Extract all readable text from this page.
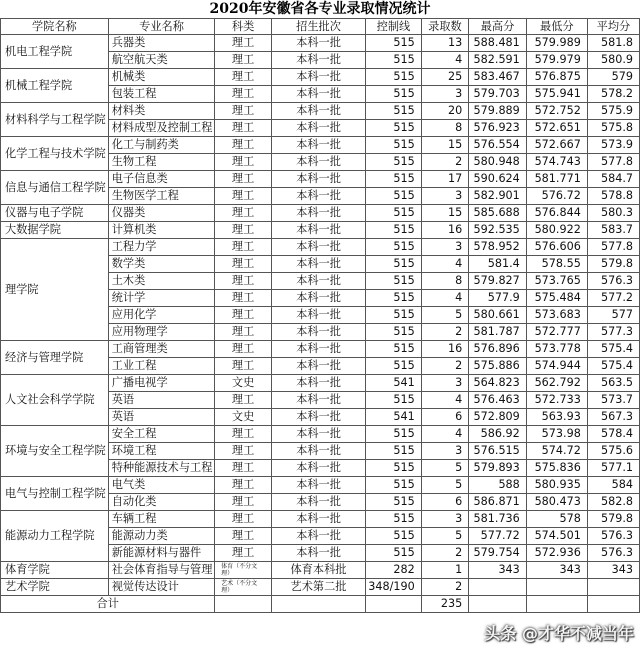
2020年安徽省各专业录取情况统计
学院名称	专业名称	科类	招生批次	控制线	录取数	最高分	最低分	平均分
机电工程学院	兵器类	理工	本科一批	515	13	588.481	579.989	581.8
	航空航天类	理工	本科一批	515	4	582.591	579.979	580.9
机械工程学院	机械类	理工	本科一批	515	25	583.467	576.875	579
	包装工程	理工	本科一批	515	3	579.703	575.941	578.2
材料科学与工程学院	材料类	理工	本科一批	515	20	579.889	572.752	575.9
	材料成型及控制工程	理工	本科一批	515	8	576.923	572.651	575.8
化学工程与技术学院	化工与制药类	理工	本科一批	515	15	576.554	572.667	573.9
	生物工程	理工	本科一批	515	2	580.948	574.743	577.8
信息与通信工程学院	电子信息类	理工	本科一批	515	17	590.624	581.771	584.7
	生物医学工程	理工	本科一批	515	3	582.901	576.72	578.8
仪器与电子学院	仪器类	理工	本科一批	515	15	585.688	576.844	580.3
大数据学院	计算机类	理工	本科一批	515	16	592.535	580.922	583.7
理学院	工程力学	理工	本科一批	515	3	578.952	576.606	577.8
	数学类	理工	本科一批	515	4	581.4	578.55	579.8
	土木类	理工	本科一批	515	8	579.827	573.765	576.3
	统计学	理工	本科一批	515	4	577.9	575.484	577.2
	应用化学	理工	本科一批	515	5	580.661	573.683	577
	应用物理学	理工	本科一批	515	2	581.787	572.777	577.3
经济与管理学院	工商管理类	理工	本科一批	515	16	576.896	573.778	575.4
	工业工程	理工	本科一批	515	2	575.886	574.944	575.4
人文社会科学学院	广播电视学	文史	本科一批	541	3	564.823	562.792	563.5
	英语	理工	本科一批	515	4	576.463	572.733	573.7
	英语	文史	本科一批	541	6	572.809	563.93	567.3
环境与安全工程学院	安全工程	理工	本科一批	515	4	586.92	573.98	578.4
	环境工程	理工	本科一批	515	3	576.515	574.72	575.6
	特种能源技术与工程	理工	本科一批	515	5	579.893	575.836	577.1
电气与控制工程学院	电气类	理工	本科一批	515	5	588	580.935	584
	自动化类	理工	本科一批	515	6	586.871	580.473	582.8
能源动力工程学院	车辆工程	理工	本科一批	515	3	581.736	578	579.8
	能源动力类	理工	本科一批	515	5	577.72	574.501	576.3
	新能源材料与器件	理工	本科一批	515	2	579.754	572.936	576.3
体育学院	社会体育指导与管理	体育（不分文理）	体育本科批	282	1	343	343	343
艺术学院	视觉传达设计	艺术（不分文理）	艺术第二批	348/190	2			
合计					235			
头条 @才华不减当年
